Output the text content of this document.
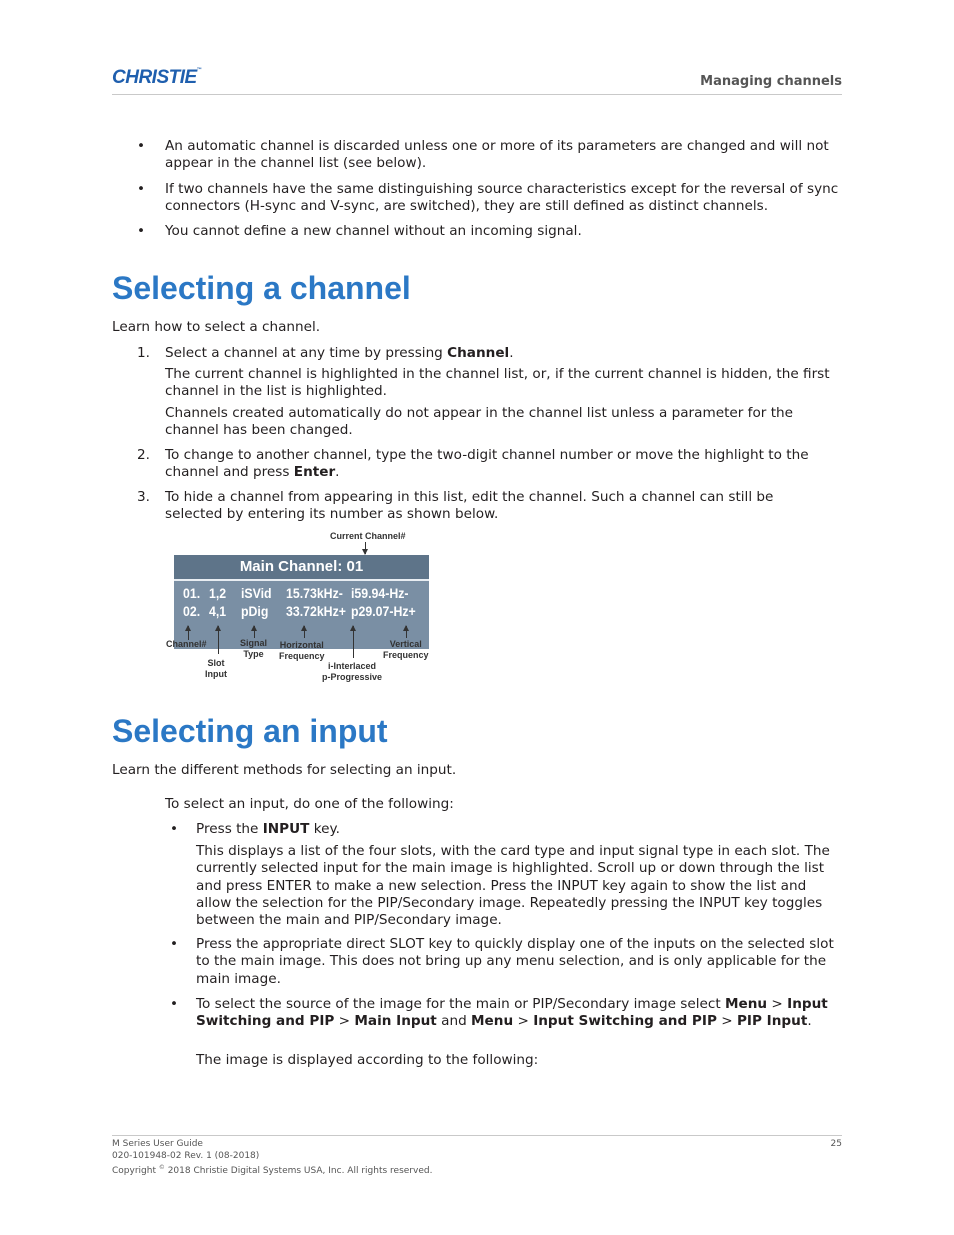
CHRISTIE™
Managing channels
• An automatic channel is discarded unless one or more of its parameters are changed and will not appear in the channel list (see below).
• If two channels have the same distinguishing source characteristics except for the reversal of sync connectors (H-sync and V-sync, are switched), they are still defined as distinct channels.
• You cannot define a new channel without an incoming signal.
Selecting a channel
Learn how to select a channel.
1. Select a channel at any time by pressing Channel.
The current channel is highlighted in the channel list, or, if the current channel is hidden, the first channel in the list is highlighted.
Channels created automatically do not appear in the channel list unless a parameter for the channel has been changed.
2. To change to another channel, type the two-digit channel number or move the highlight to the channel and press Enter.
3. To hide a channel from appearing in this list, edit the channel. Such a channel can still be selected by entering its number as shown below.
Current Channel#
Main Channel: 01
01. 1,2 iSVid 15.73kHz- i59.94-Hz-
02. 4,1 pDig 33.72kHz+ p29.07-Hz+
Channel#
Slot
Input
Signal
Type
Horizontal
Frequency
i-Interlaced
p-Progressive
Vertical
Frequency
Selecting an input
Learn the different methods for selecting an input.
To select an input, do one of the following:
• Press the INPUT key.
This displays a list of the four slots, with the card type and input signal type in each slot. The currently selected input for the main image is highlighted. Scroll up or down through the list and press ENTER to make a new selection. Press the INPUT key again to show the list and allow the selection for the PIP/Secondary image. Repeatedly pressing the INPUT key toggles between the main and PIP/Secondary image.
• Press the appropriate direct SLOT key to quickly display one of the inputs on the selected slot to the main image. This does not bring up any menu selection, and is only applicable for the main image.
• To select the source of the image for the main or PIP/Secondary image select Menu > Input Switching and PIP > Main Input and Menu > Input Switching and PIP > PIP Input.
The image is displayed according to the following:
M Series User Guide
020-101948-02 Rev. 1 (08-2018)
Copyright © 2018 Christie Digital Systems USA, Inc. All rights reserved.
25
